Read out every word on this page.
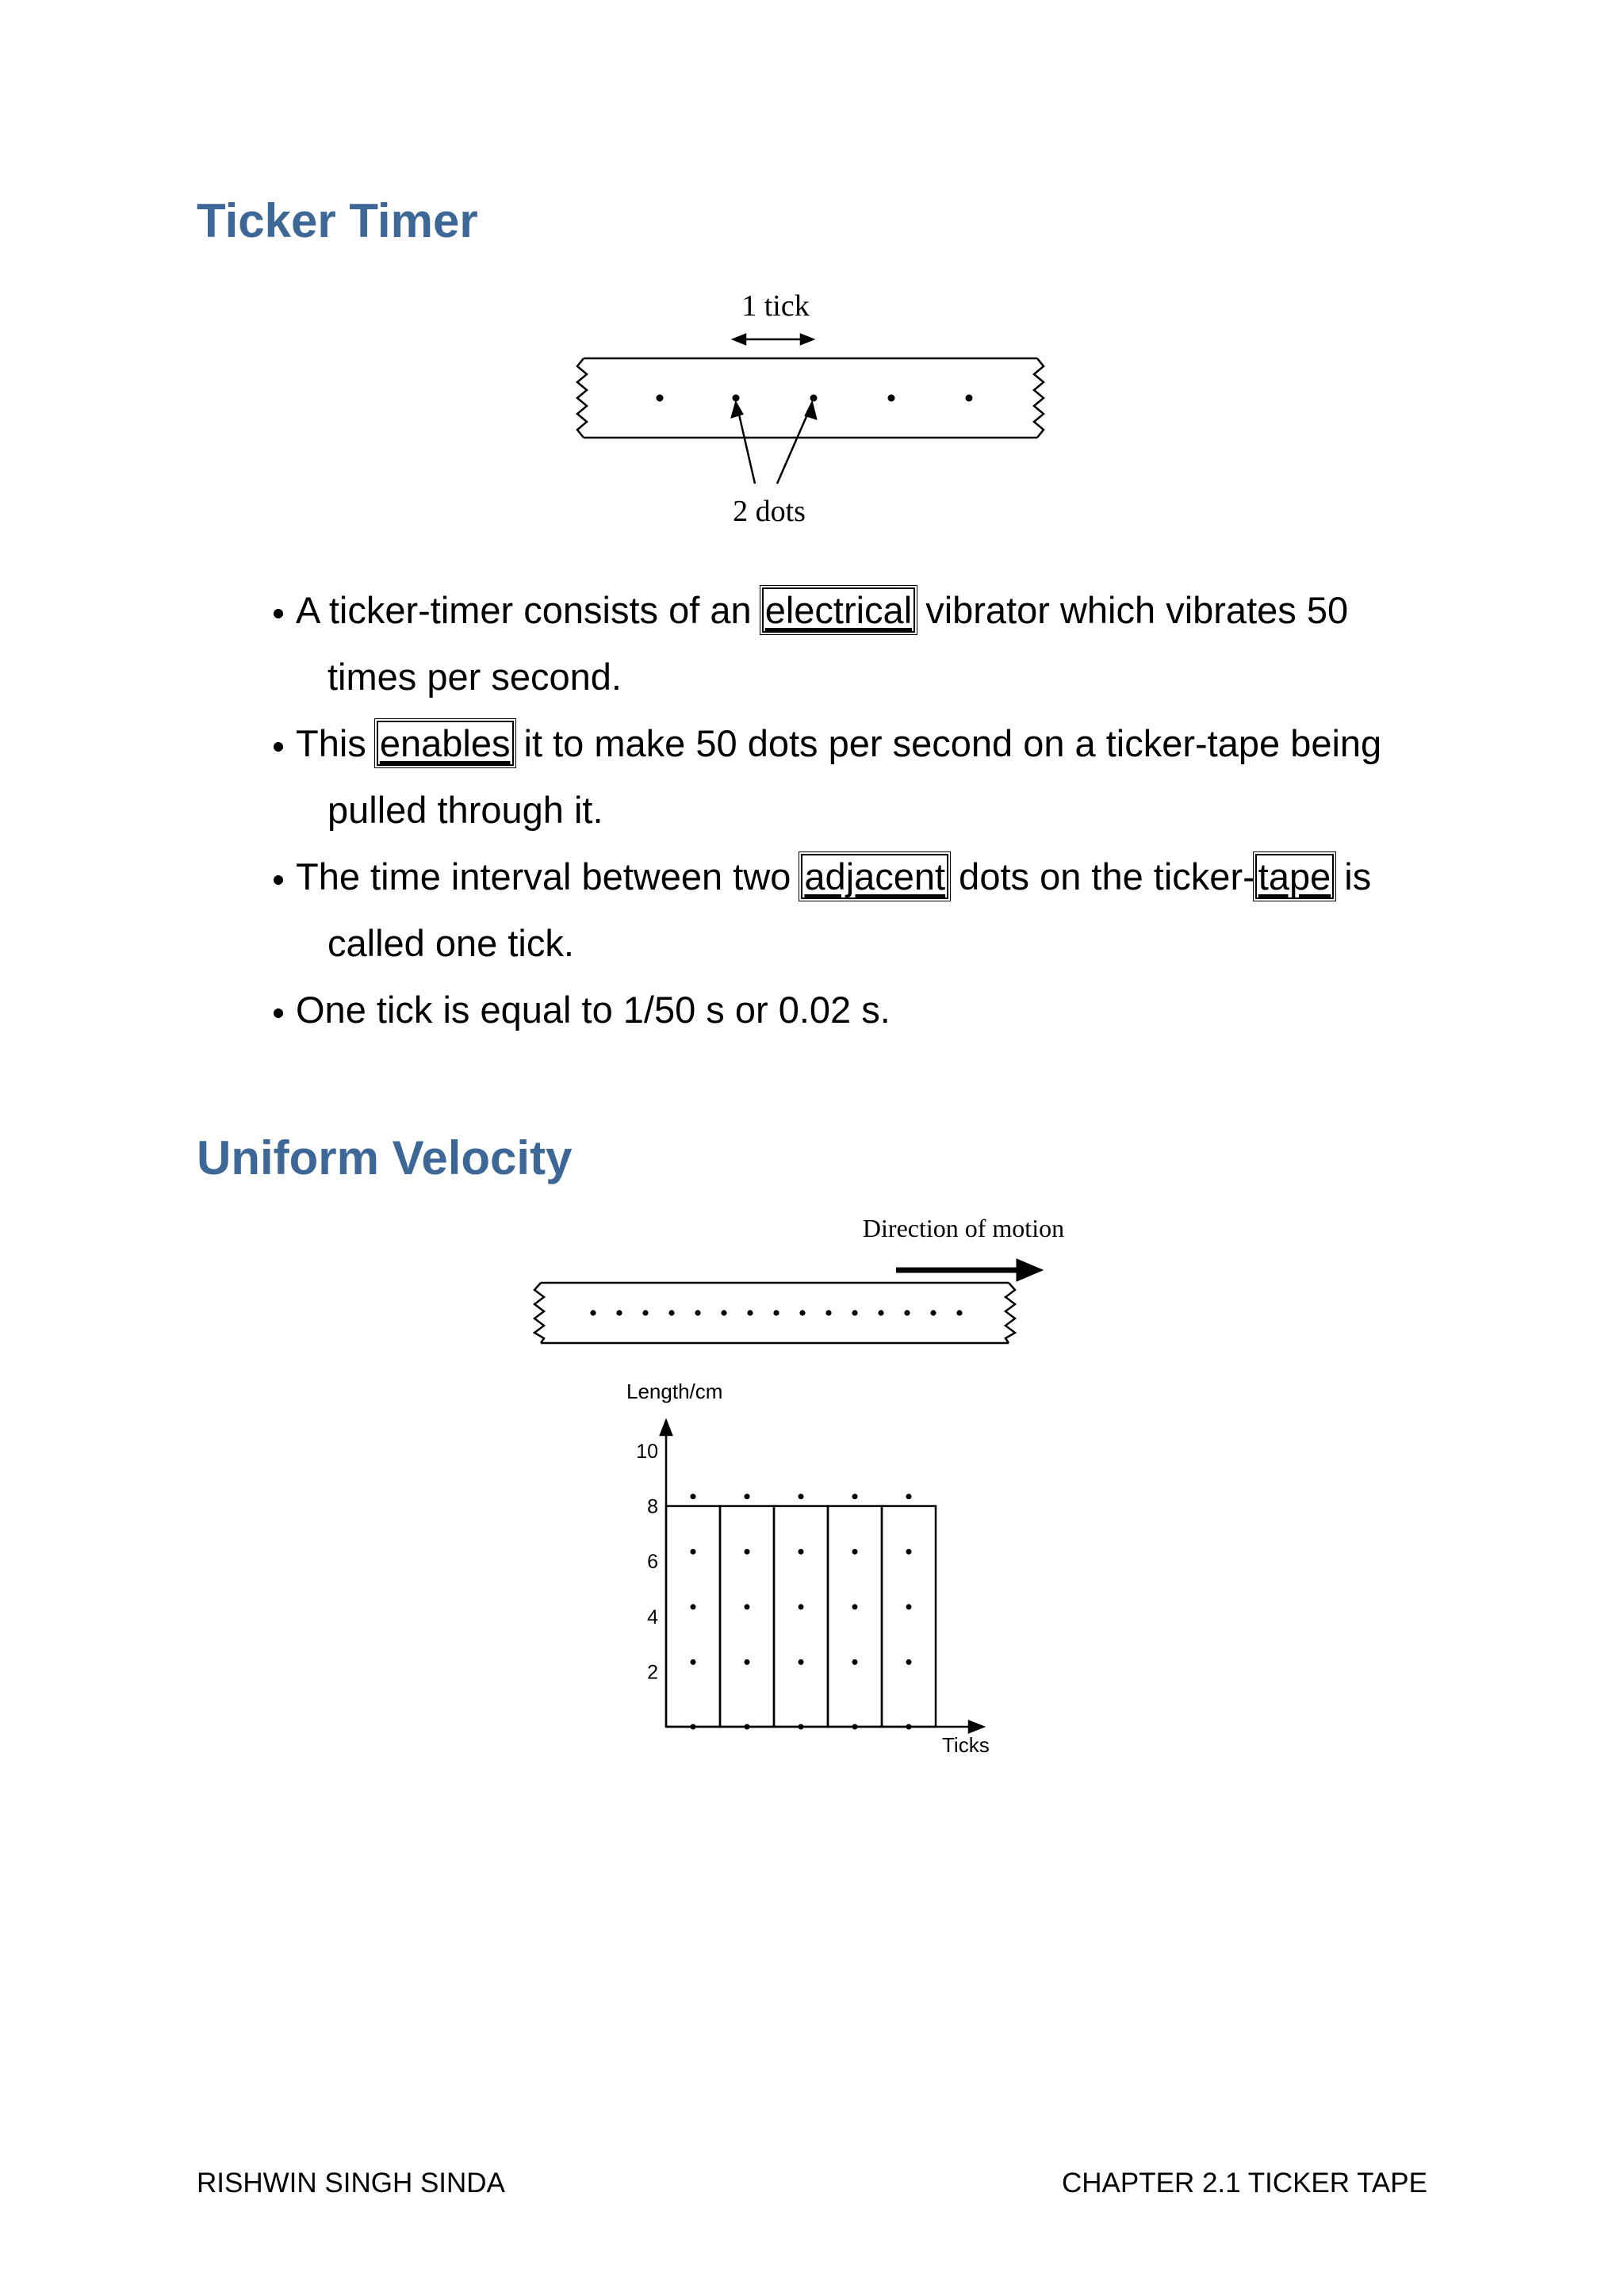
Ticker Timer
1 tick
2 dots
A ticker-timer consists of an electrical vibrator which vibrates 50
times per second.
This enables it to make 50 dots per second on a ticker-tape being
pulled through it.
The time interval between two adjacent dots on the ticker-tape is
called one tick.
One tick is equal to 1/50 s or 0.02 s.
Uniform Velocity
Direction of motion
Length/cm
Ticks
2
4
6
8
10
RISHWIN SINGH SINDA	CHAPTER 2.1 TICKER TAPE
